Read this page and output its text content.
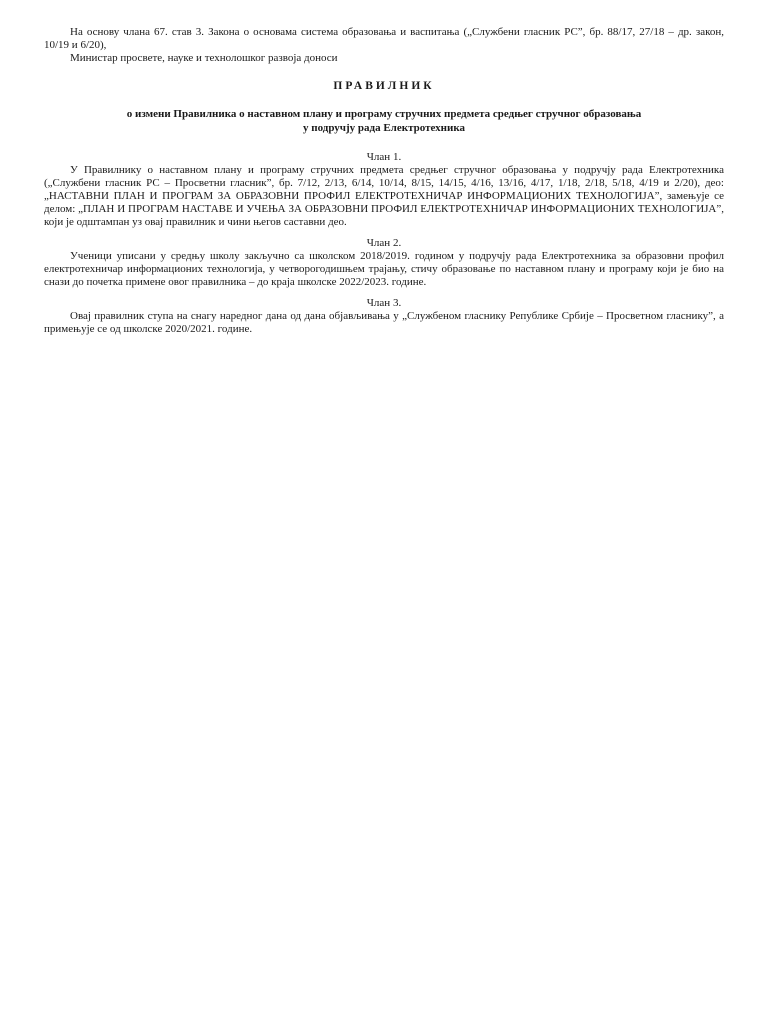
На основу члана 67. став 3. Закона о основама система образовања и васпитања („Службени гласник РС”, бр. 88/17, 27/18 – др. закон, 10/19 и 6/20),

Министар просвете, науке и технолошког развоја доноси

ПРАВИЛНИК
о измени Правилника о наставном плану и програму стручних предмета средњег стручног образовања
у подручју рада Електротехника
Члан 1.

У Правилнику о наставном плану и програму стручних предмета средњег стручног образовања у подручју рада Електротехника („Службени гласник РС – Просветни гласник”, бр. 7/12, 2/13, 6/14, 10/14, 8/15, 14/15, 4/16, 13/16, 4/17, 1/18, 2/18, 5/18, 4/19 и 2/20), део: „НАСТАВНИ ПЛАН И ПРОГРАМ ЗА ОБРАЗОВНИ ПРОФИЛ ЕЛЕКТРОТЕХНИЧАР ИНФОРМАЦИОНИХ ТЕХНОЛОГИЈА”, замењује се делом: „ПЛАН И ПРОГРАМ НАСТАВЕ И УЧЕЊА ЗА ОБРАЗОВНИ ПРОФИЛ ЕЛЕКТРОТЕХНИЧАР ИНФОРМАЦИОНИХ ТЕХНОЛОГИЈА”, који је одштампан уз овај правилник и чини његов саставни део.

Члан 2.

Ученици уписани у средњу школу закључно са школском 2018/2019. годином у подручју рада Електротехника за образовни профил електротехничар информационих технологија, у четворогодишњем трајању, стичу образовање по наставном плану и програму који је био на снази до почетка примене овог правилника – до краја школске 2022/2023. године.

Члан 3.

Овај правилник ступа на снагу наредног дана од дана објављивања у „Службеном гласнику Републике Србије – Просветном гласнику”, а примењује се од школске 2020/2021. године.
